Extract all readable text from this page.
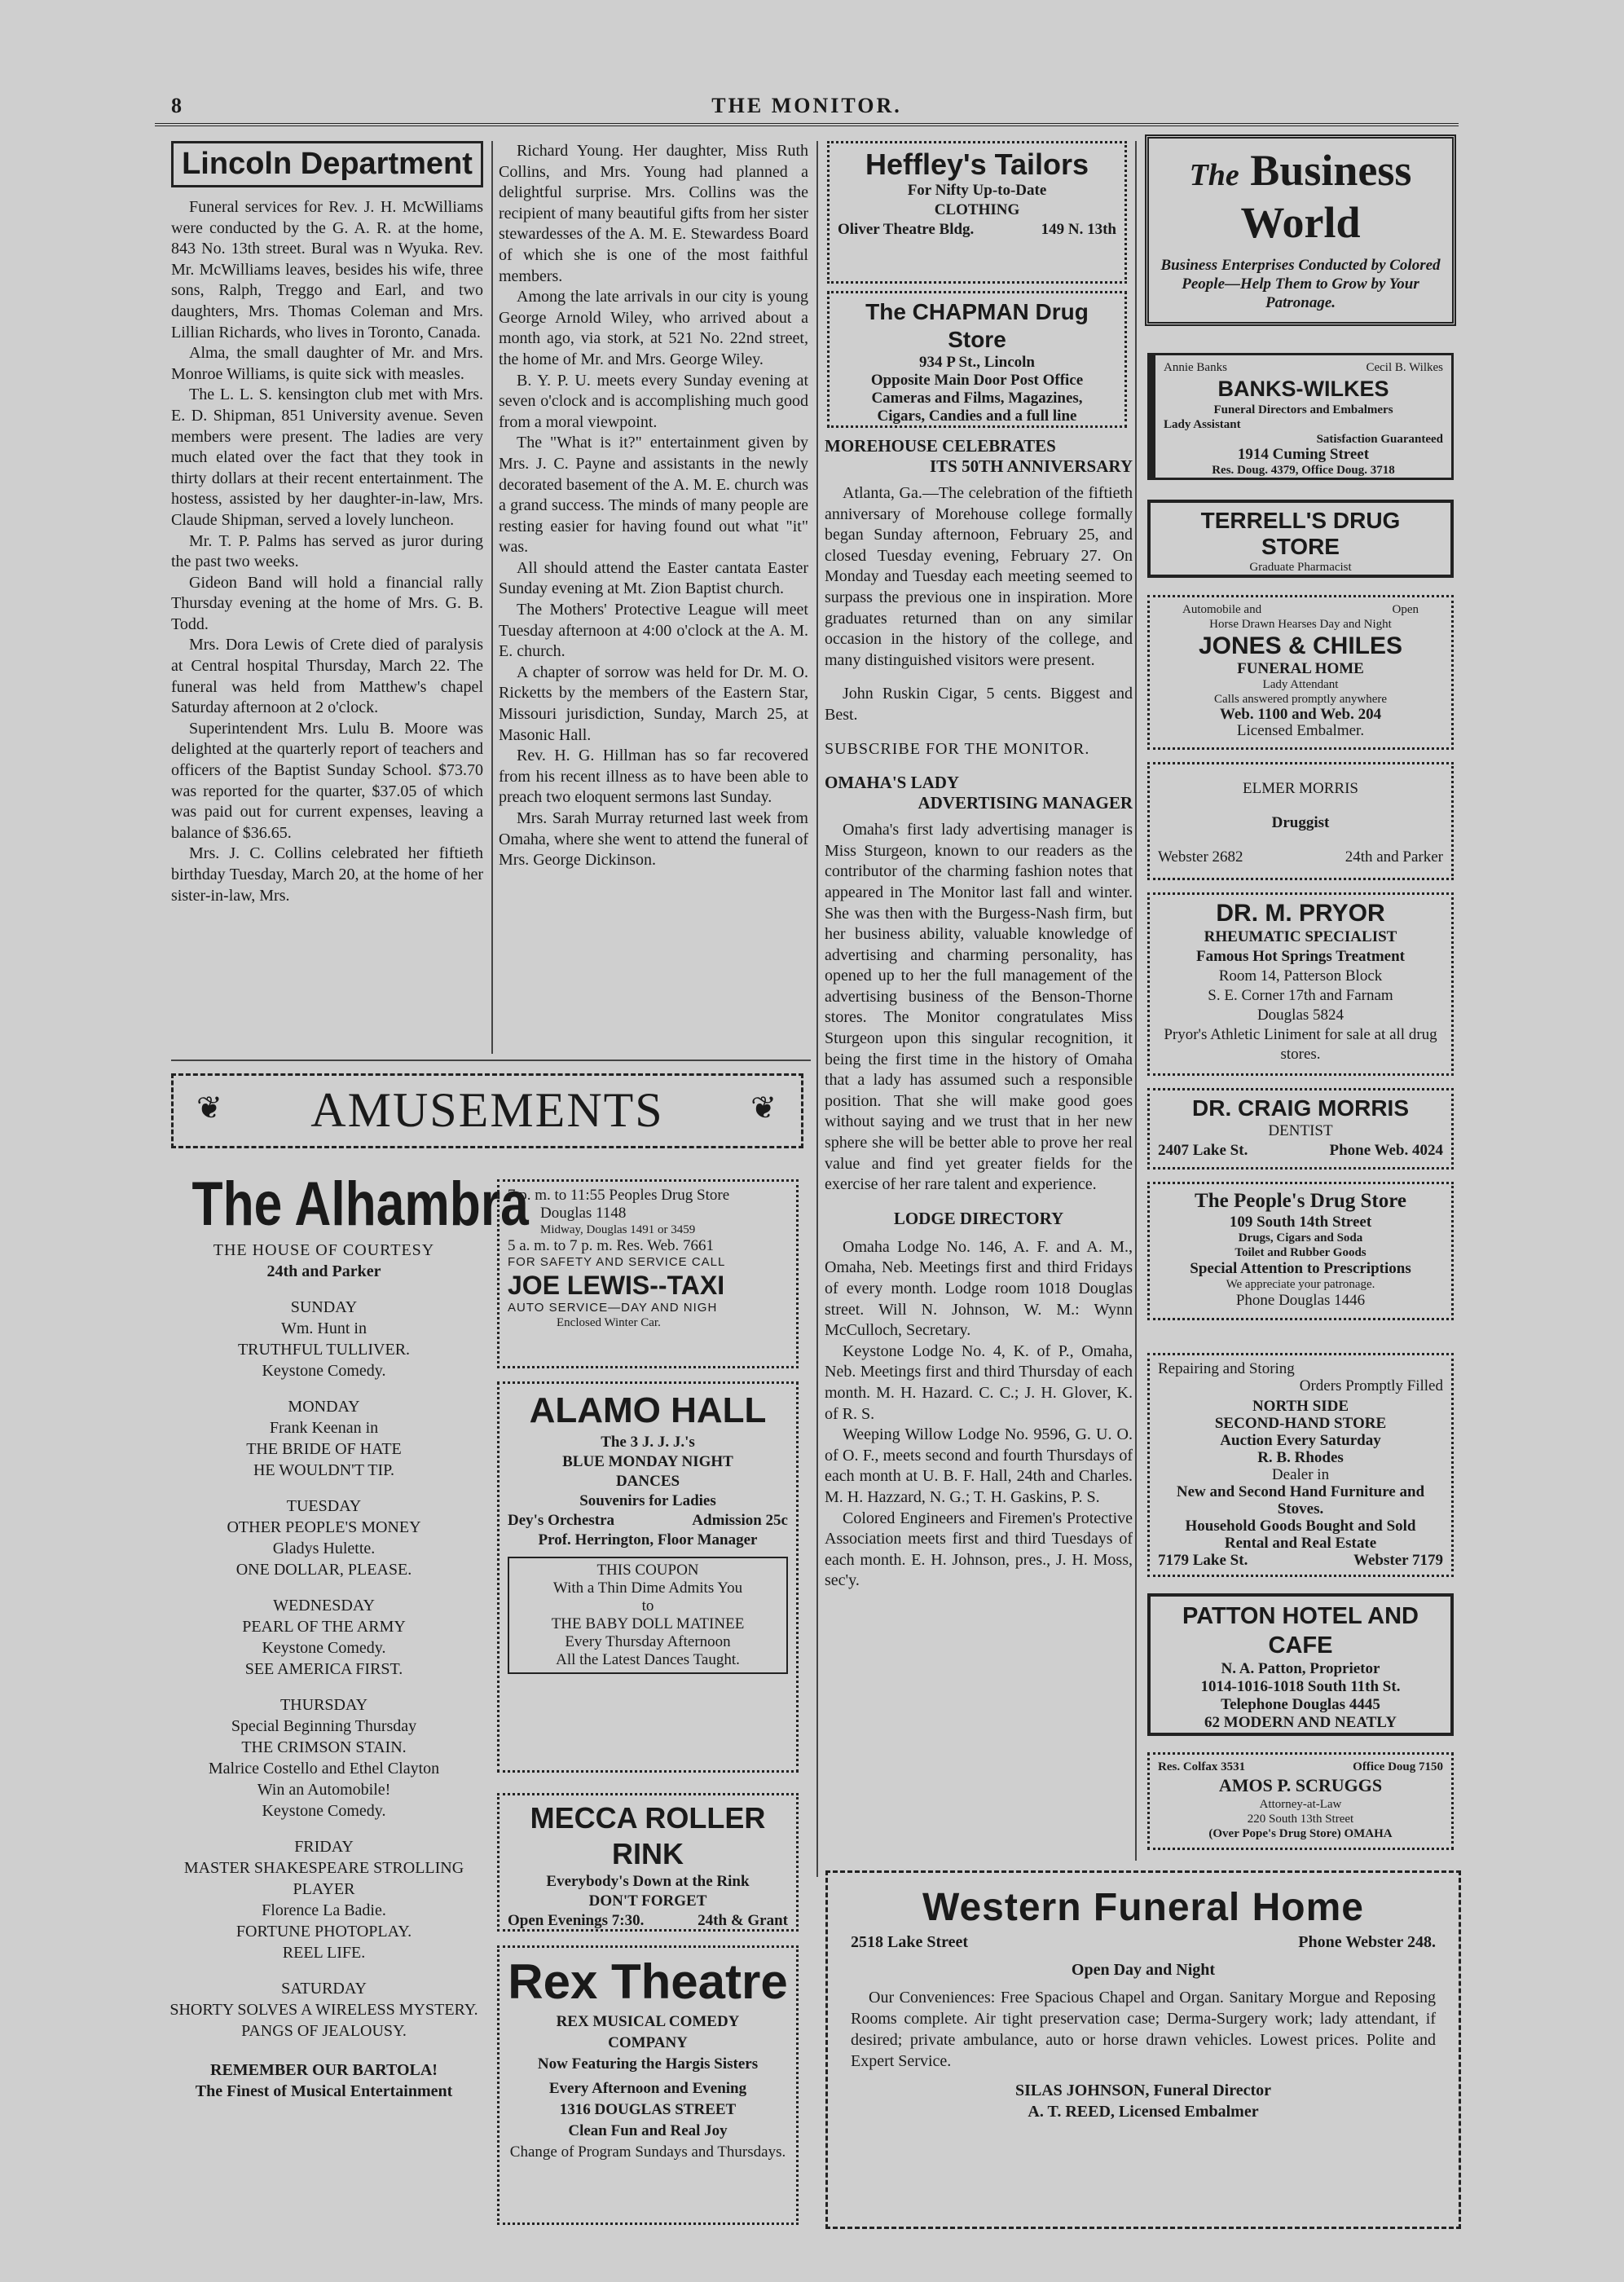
8	THE MONITOR.
Lincoln Department

Funeral services for Rev. J. H. McWilliams were conducted by the G. A. R. at the home, 843 No. 13th street. Bural was n Wyuka. Rev. Mr. McWilliams leaves, besides his wife, three sons, Ralph, Treggo and Earl, and two daughters, Mrs. Thomas Coleman and Mrs. Lillian Richards, who lives in Toronto, Canada.

Alma, the small daughter of Mr. and Mrs. Monroe Williams, is quite sick with measles.

The L. L. S. kensington club met with Mrs. E. D. Shipman, 851 University avenue. Seven members were present. The ladies are very much elated over the fact that they took in thirty dollars at their recent entertainment. The hostess, assisted by her daughter-in-law, Mrs. Claude Shipman, served a lovely luncheon.

Mr. T. P. Palms has served as juror during the past two weeks.

Gideon Band will hold a financial rally Thursday evening at the home of Mrs. G. B. Todd.

Mrs. Dora Lewis of Crete died of paralysis at Central hospital Thursday, March 22. The funeral was held from Matthew's chapel Saturday afternoon at 2 o'clock.

Superintendent Mrs. Lulu B. Moore was delighted at the quarterly report of teachers and officers of the Baptist Sunday School. $73.70 was reported for the quarter, $37.05 of which was paid out for current expenses, leaving a balance of $36.65.

Mrs. J. C. Collins celebrated her fiftieth birthday Tuesday, March 20, at the home of her sister-in-law, Mrs.

Richard Young. Her daughter, Miss Ruth Collins, and Mrs. Young had planned a delightful surprise. Mrs. Collins was the recipient of many beautiful gifts from her sister stewardesses of the A. M. E. Stewardess Board of which she is one of the most faithful members.

Among the late arrivals in our city is young George Arnold Wiley, who arrived about a month ago, via stork, at 521 No. 22nd street, the home of Mr. and Mrs. George Wiley.

B. Y. P. U. meets every Sunday evening at seven o'clock and is accomplishing much good from a moral viewpoint.

The "What is it?" entertainment given by Mrs. J. C. Payne and assistants in the newly decorated basement of the A. M. E. church was a grand success. The minds of many people are resting easier for having found out what "it" was.

All should attend the Easter cantata Easter Sunday evening at Mt. Zion Baptist church.

The Mothers' Protective League will meet Tuesday afternoon at 4:00 o'clock at the A. M. E. church.

A chapter of sorrow was held for Dr. M. O. Ricketts by the members of the Eastern Star, Missouri jurisdiction, Sunday, March 25, at Masonic Hall.

Rev. H. G. Hillman has so far recovered from his recent illness as to have been able to preach two eloquent sermons last Sunday.

Mrs. Sarah Murray returned last week from Omaha, where she went to attend the funeral of Mrs. George Dickinson.

Heffley's Tailors
For Nifty Up-to-Date
CLOTHING
Oliver Theatre Bldg.	149 N. 13th
The CHAPMAN Drug Store
934 P St., Lincoln
Opposite Main Door Post Office
Cameras and Films, Magazines,
Cigars, Candies and a full line
MOREHOUSE CELEBRATES
ITS 50TH ANNIVERSARY

Atlanta, Ga.—The celebration of the fiftieth anniversary of Morehouse college formally began Sunday afternoon, February 25, and closed Tuesday evening, February 27. On Monday and Tuesday each meeting seemed to surpass the previous one in inspiration. More graduates returned than on any similar occasion in the history of the college, and many distinguished visitors were present.

John Ruskin Cigar, 5 cents. Biggest and Best.

SUBSCRIBE FOR THE MONITOR.
OMAHA'S LADY
ADVERTISING MANAGER

Omaha's first lady advertising manager is Miss Sturgeon, known to our readers as the contributor of the charming fashion notes that appeared in The Monitor last fall and winter. She was then with the Burgess-Nash firm, but her business ability, valuable knowledge of advertising and charming personality, has opened up to her the full management of the advertising business of the Benson-Thorne stores. The Monitor congratulates Miss Sturgeon upon this singular recognition, it being the first time in the history of Omaha that a lady has assumed such a responsible position. That she will make good goes without saying and we trust that in her new sphere she will be better able to prove her real value and find yet greater fields for the exercise of her rare talent and experience.

LODGE DIRECTORY

Omaha Lodge No. 146, A. F. and A. M., Omaha, Neb. Meetings first and third Fridays of every month. Lodge room 1018 Douglas street. Will N. Johnson, W. M.: Wynn McCulloch, Secretary.

Keystone Lodge No. 4, K. of P., Omaha, Neb. Meetings first and third Thursday of each month. M. H. Hazard. C. C.; J. H. Glover, K. of R. S.

Weeping Willow Lodge No. 9596, G. U. O. of O. F., meets second and fourth Thursdays of each month at U. B. F. Hall, 24th and Charles. M. H. Hazzard, N. G.; T. H. Gaskins, P. S.

Colored Engineers and Firemen's Protective Association meets first and third Tuesdays of each month. E. H. Johnson, pres., J. H. Moss, sec'y.

The Business
World
Business Enterprises Conducted by Colored People—Help Them to Grow by Your Patronage.
Annie Banks	Cecil B. Wilkes
BANKS-WILKES
Funeral Directors and Embalmers
Lady Assistant
Satisfaction Guaranteed
1914 Cuming Street
Res. Doug. 4379, Office Doug. 3718
TERRELL'S DRUG STORE
Graduate Pharmacist
Automobile and	Open
Horse Drawn Hearses Day and Night
JONES & CHILES
FUNERAL HOME
Lady Attendant
Calls answered promptly anywhere
Web. 1100 and Web. 204
Licensed Embalmer.
ELMER MORRIS
Druggist
Webster 2682	24th and Parker
DR. M. PRYOR
RHEUMATIC SPECIALIST
Famous Hot Springs Treatment
Room 14, Patterson Block
S. E. Corner 17th and Farnam
Douglas 5824
Pryor's Athletic Liniment for sale at all drug stores.
DR. CRAIG MORRIS
DENTIST
2407 Lake St.	Phone Web. 4024
The People's Drug Store
109 South 14th Street
Drugs, Cigars and Soda
Toilet and Rubber Goods
Special Attention to Prescriptions
We appreciate your patronage.
Phone Douglas 1446
Repairing and Storing
Orders Promptly Filled
NORTH SIDE
SECOND-HAND STORE
Auction Every Saturday
R. B. Rhodes
Dealer in
New and Second Hand Furniture and Stoves.
Household Goods Bought and Sold
Rental and Real Estate
7179 Lake St.	Webster 7179
PATTON HOTEL AND CAFE
N. A. Patton, Proprietor
1014-1016-1018 South 11th St.
Telephone Douglas 4445
62 MODERN AND NEATLY
Res. Colfax 3531	Office Doug 7150
AMOS P. SCRUGGS
Attorney-at-Law
220 South 13th Street
(Over Pope's Drug Store) OMAHA
❦ AMUSEMENTS	❦
The Alhambra
THE HOUSE OF COURTESY
24th and Parker
SUNDAY
Wm. Hunt in
TRUTHFUL TULLIVER.
Keystone Comedy.
MONDAY
Frank Keenan in
THE BRIDE OF HATE
HE WOULDN'T TIP.
TUESDAY
OTHER PEOPLE'S MONEY
Gladys Hulette.
ONE DOLLAR, PLEASE.
WEDNESDAY
PEARL OF THE ARMY
Keystone Comedy.
SEE AMERICA FIRST.
THURSDAY
Special Beginning Thursday
THE CRIMSON STAIN.
Malrice Costello and Ethel Clayton
Win an Automobile!
Keystone Comedy.
FRIDAY
MASTER SHAKESPEARE STROLLING PLAYER
Florence La Badie.
FORTUNE PHOTOPLAY.
REEL LIFE.
SATURDAY
SHORTY SOLVES A WIRELESS MYSTERY.
PANGS OF JEALOUSY.
REMEMBER OUR BARTOLA!
The Finest of Musical Entertainment
7 p. m. to 11:55 Peoples Drug Store
Douglas 1148
Midway, Douglas 1491 or 3459
5 a. m. to 7 p. m. Res. Web. 7661
FOR SAFETY AND SERVICE CALL
JOE LEWIS--TAXI
AUTO SERVICE—DAY AND NIGH
Enclosed Winter Car.
ALAMO HALL
The 3 J. J. J.'s
BLUE MONDAY NIGHT
DANCES
Souvenirs for Ladies
Dey's Orchestra	Admission 25c
Prof. Herrington, Floor Manager
THIS COUPON
With a Thin Dime Admits You
to
THE BABY DOLL MATINEE
Every Thursday Afternoon
All the Latest Dances Taught.
MECCA ROLLER RINK
Everybody's Down at the Rink
DON'T FORGET
Open Evenings 7:30.	24th & Grant
Rex Theatre
REX MUSICAL COMEDY
COMPANY
Now Featuring the Hargis Sisters
Every Afternoon and Evening
1316 DOUGLAS STREET
Clean Fun and Real Joy
Change of Program Sundays and Thursdays.
Western Funeral Home
2518 Lake Street	Phone Webster 248.
Open Day and Night

Our Conveniences: Free Spacious Chapel and Organ. Sanitary Morgue and Reposing Rooms complete. Air tight preservation case; Derma-Surgery work; lady attendant, if desired; private ambulance, auto or horse drawn vehicles. Lowest prices. Polite and Expert Service.

SILAS JOHNSON, Funeral Director
A. T. REED, Licensed Embalmer
